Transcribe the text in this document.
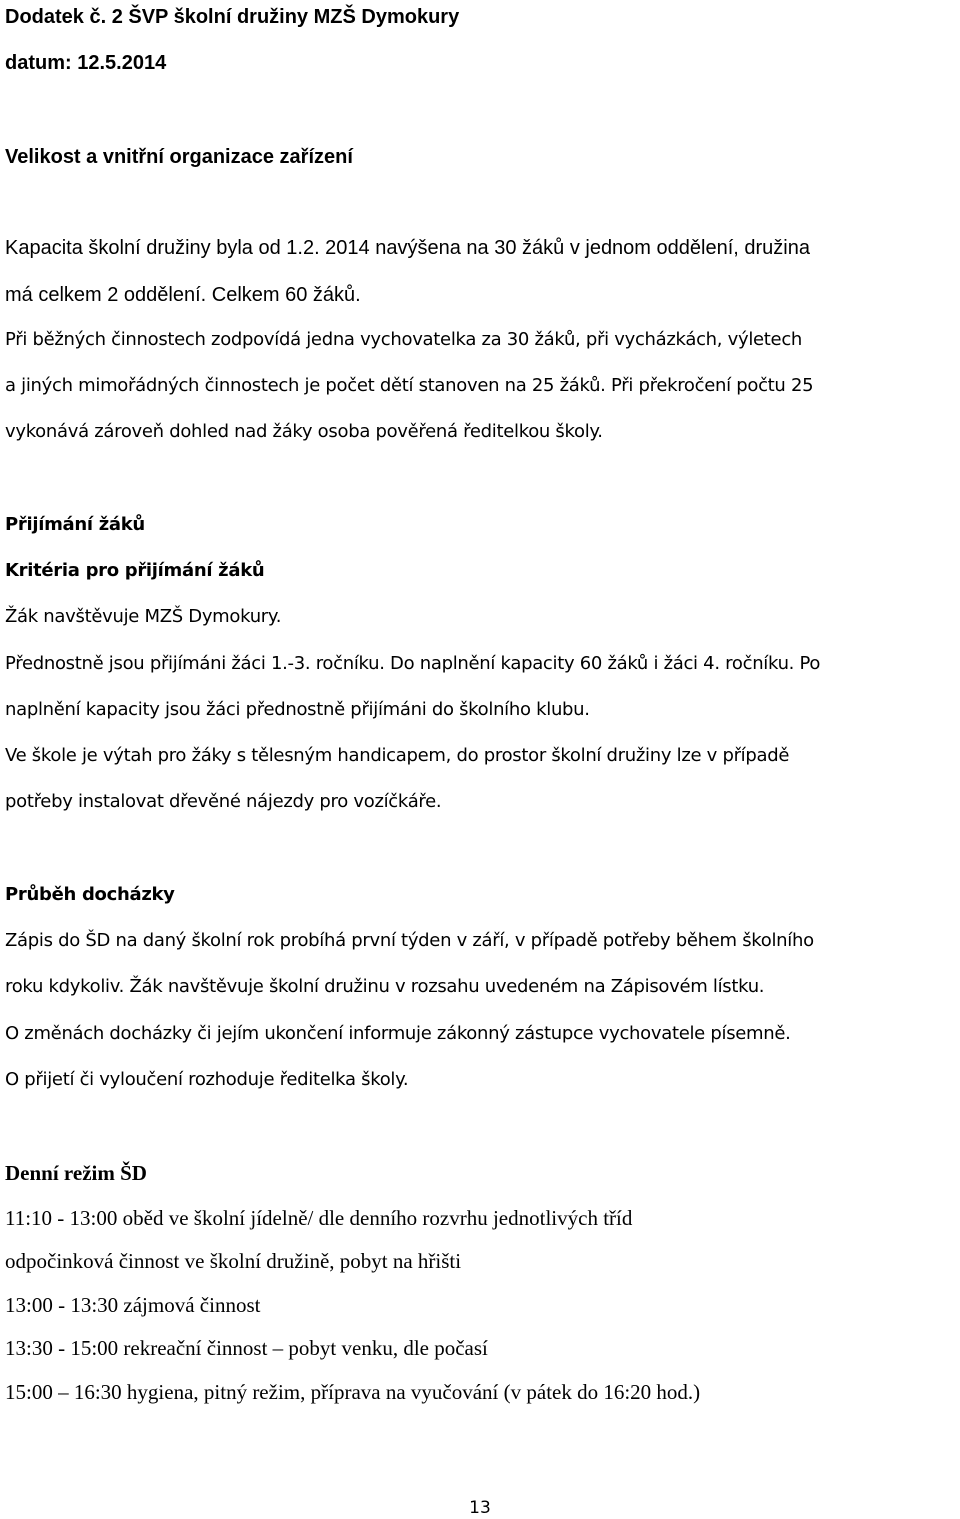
Dodatek č. 2 ŠVP školní družiny MZŠ Dymokury
datum: 12.5.2014
Velikost a vnitřní organizace zařízení
Kapacita školní družiny byla od 1.2. 2014 navýšena na 30 žáků v jednom oddělení, družina
má celkem 2 oddělení. Celkem 60 žáků.
Při běžných činnostech zodpovídá jedna vychovatelka za 30 žáků, při vycházkách, výletech
a jiných mimořádných činnostech je počet dětí stanoven na 25 žáků. Při překročení počtu 25
vykonává zároveň dohled nad žáky osoba pověřená ředitelkou školy.
Přijímání žáků
Kritéria pro přijímání žáků
Žák navštěvuje MZŠ Dymokury.
Přednostně jsou přijímáni žáci 1.-3. ročníku. Do naplnění kapacity 60 žáků i žáci 4. ročníku. Po
naplnění kapacity jsou žáci přednostně přijímáni do školního klubu.
Ve škole je výtah pro žáky s tělesným handicapem, do prostor školní družiny lze v případě
potřeby instalovat dřevěné nájezdy pro vozíčkáře.
Průběh docházky
Zápis do ŠD na daný školní rok probíhá první týden v září, v případě potřeby během školního
roku kdykoliv. Žák navštěvuje školní družinu v rozsahu uvedeném na Zápisovém lístku.
O změnách docházky či jejím ukončení informuje zákonný zástupce vychovatele písemně.
O přijetí či vyloučení rozhoduje ředitelka školy.
Denní režim ŠD
11:10 - 13:00 oběd ve školní jídelně/ dle denního rozvrhu jednotlivých tříd
odpočinková činnost ve školní družině, pobyt na hřišti
13:00 - 13:30 zájmová činnost
13:30 - 15:00 rekreační činnost – pobyt venku, dle počasí
15:00 – 16:30 hygiena, pitný režim, příprava na vyučování (v pátek do 16:20 hod.)
13
